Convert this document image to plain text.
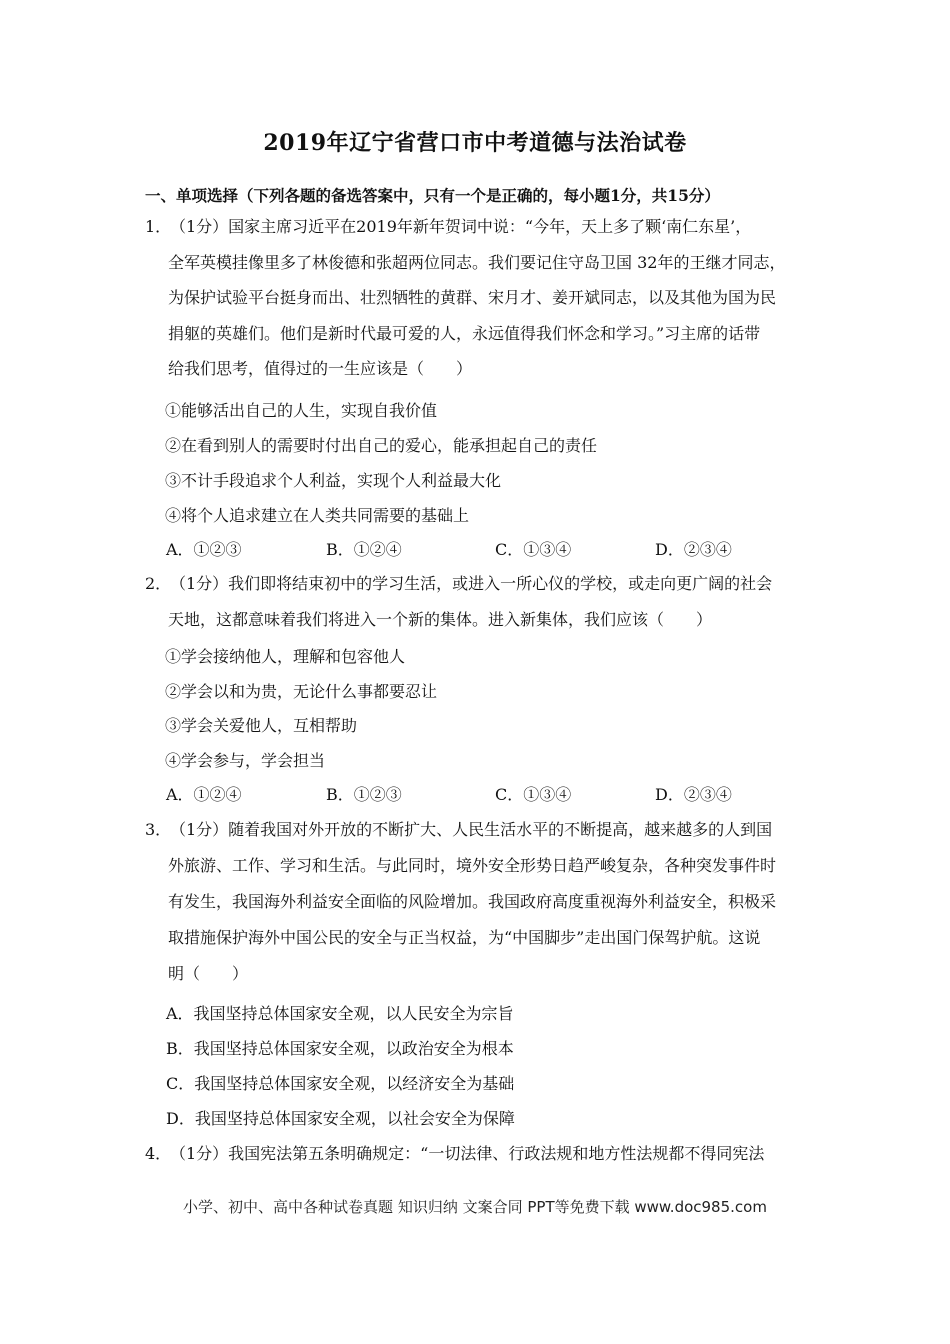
2019年辽宁省营口市中考道德与法治试卷
一、单项选择（下列各题的备选答案中，只有一个是正确的，每小题1分，共15分）
1．
（1分）国家主席习近平在2019年新年贺词中说：“今年，天上多了颗‘南仁东星’，
全军英模挂像里多了林俊德和张超两位同志。我们要记住守岛卫国 32年的王继才同志，
为保护试验平台挺身而出、壮烈牺牲的黄群、宋月才、姜开斌同志，以及其他为国为民
捐躯的英雄们。他们是新时代最可爱的人，永远值得我们怀念和学习。”习主席的话带
给我们思考，值得过的一生应该是（　　）
①能够活出自己的人生，实现自我价值
②在看到别人的需要时付出自己的爱心，能承担起自己的责任
③不计手段追求个人利益，实现个人利益最大化
④将个人追求建立在人类共同需要的基础上
A．①②③	B．①②④	C．①③④	D．②③④
2．
（1分）我们即将结束初中的学习生活，或进入一所心仪的学校，或走向更广阔的社会
天地，这都意味着我们将进入一个新的集体。进入新集体，我们应该（　　）
①学会接纳他人，理解和包容他人
②学会以和为贵，无论什么事都要忍让
③学会关爱他人，互相帮助
④学会参与，学会担当
A．①②④	B．①②③	C．①③④	D．②③④
3．
（1分）随着我国对外开放的不断扩大、人民生活水平的不断提高，越来越多的人到国
外旅游、工作、学习和生活。与此同时，境外安全形势日趋严峻复杂，各种突发事件时
有发生，我国海外利益安全面临的风险增加。我国政府高度重视海外利益安全，积极采
取措施保护海外中国公民的安全与正当权益，为“中国脚步”走出国门保驾护航。这说
明（　　）
A．我国坚持总体国家安全观，以人民安全为宗旨
B．我国坚持总体国家安全观，以政治安全为根本
C．我国坚持总体国家安全观，以经济安全为基础
D．我国坚持总体国家安全观，以社会安全为保障
4．
（1分）我国宪法第五条明确规定：“一切法律、行政法规和地方性法规都不得同宪法
小学、初中、高中各种试卷真题 知识归纳 文案合同 PPT等免费下载 www.doc985.com
